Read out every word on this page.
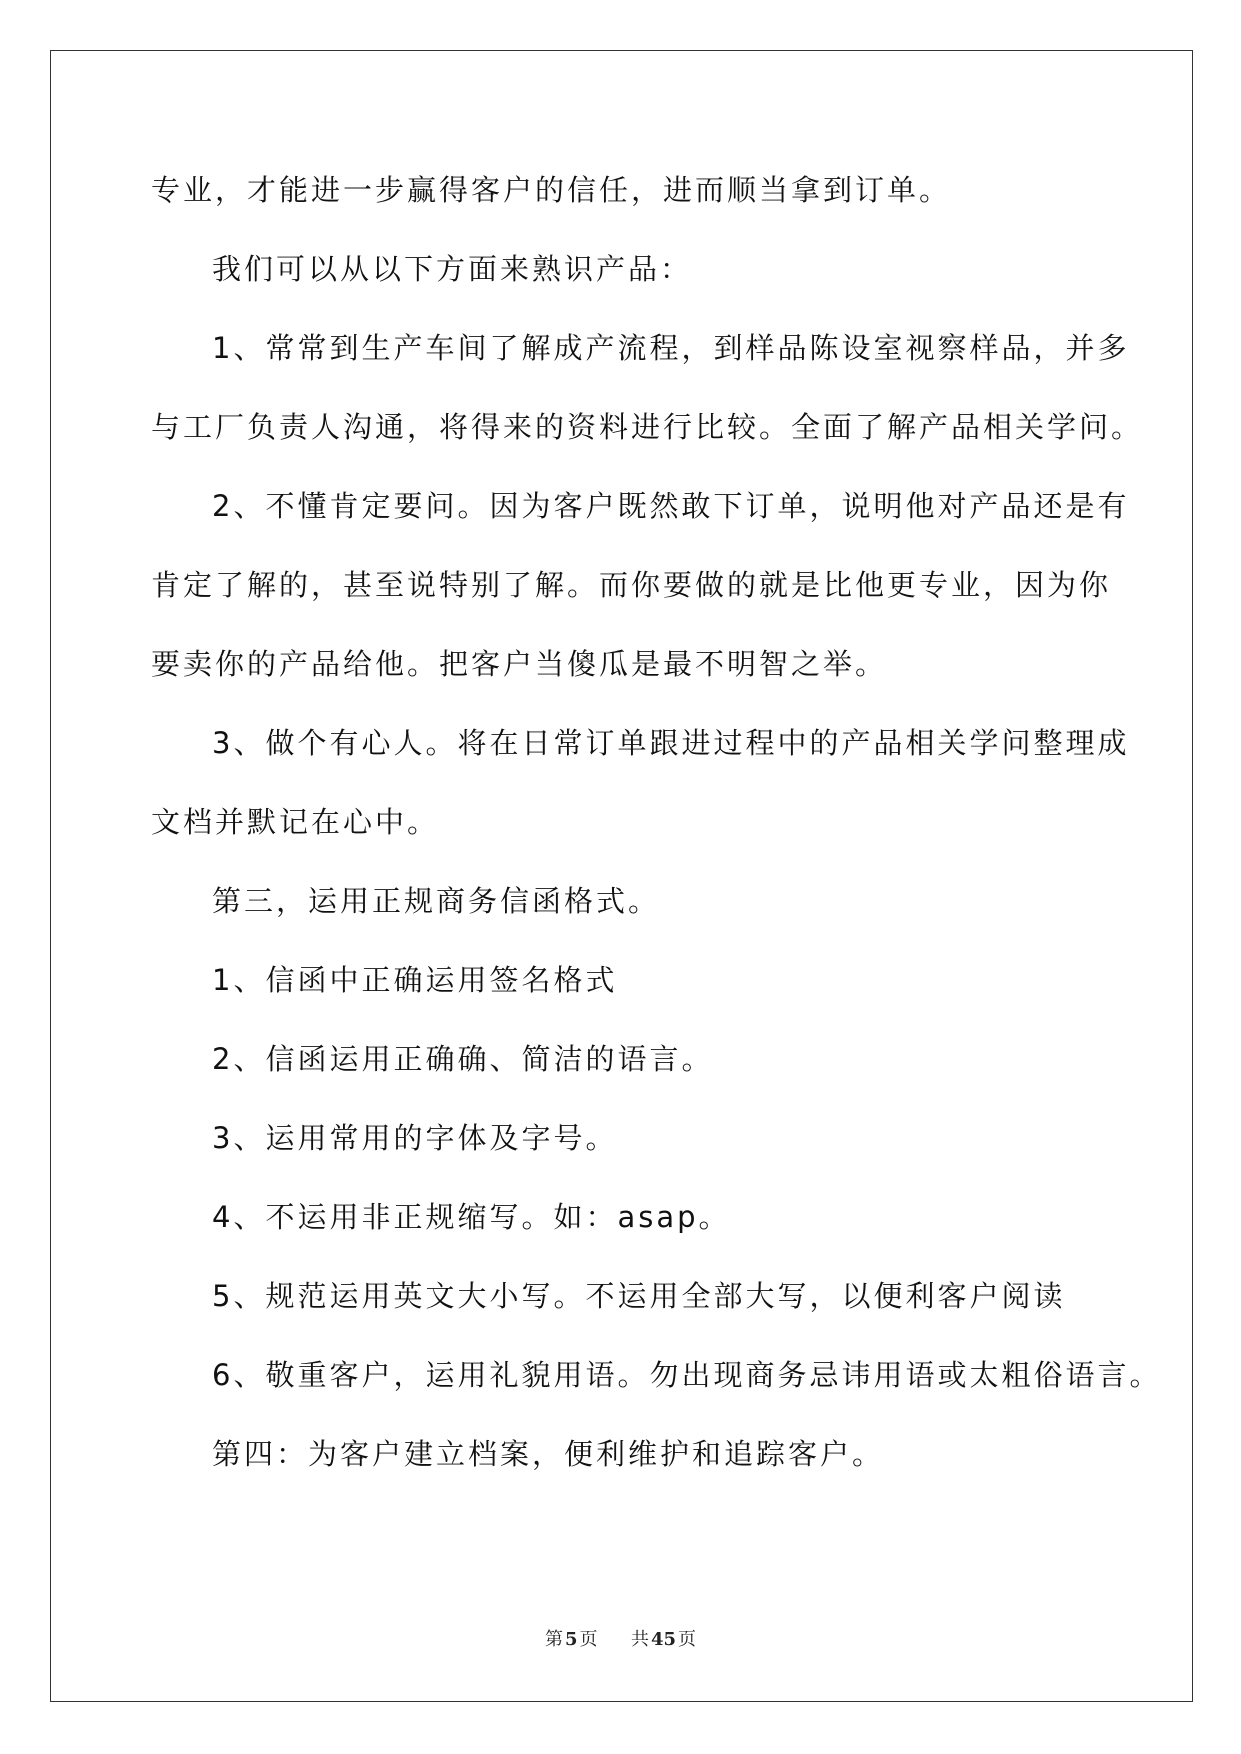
专业，才能进一步赢得客户的信任，进而顺当拿到订单。
我们可以从以下方面来熟识产品：
1、常常到生产车间了解成产流程，到样品陈设室视察样品，并多
与工厂负责人沟通，将得来的资料进行比较。全面了解产品相关学问。
2、不懂肯定要问。因为客户既然敢下订单，说明他对产品还是有
肯定了解的，甚至说特别了解。而你要做的就是比他更专业，因为你
要卖你的产品给他。把客户当傻瓜是最不明智之举。
3、做个有心人。将在日常订单跟进过程中的产品相关学问整理成
文档并默记在心中。
第三，运用正规商务信函格式。
1、信函中正确运用签名格式
2、信函运用正确确、简洁的语言。
3、运用常用的字体及字号。
4、不运用非正规缩写。如：asap。
5、规范运用英文大小写。不运用全部大写，以便利客户阅读
6、敬重客户，运用礼貌用语。勿出现商务忌讳用语或太粗俗语言。
第四：为客户建立档案，便利维护和追踪客户。
第 5 页 共 45 页
